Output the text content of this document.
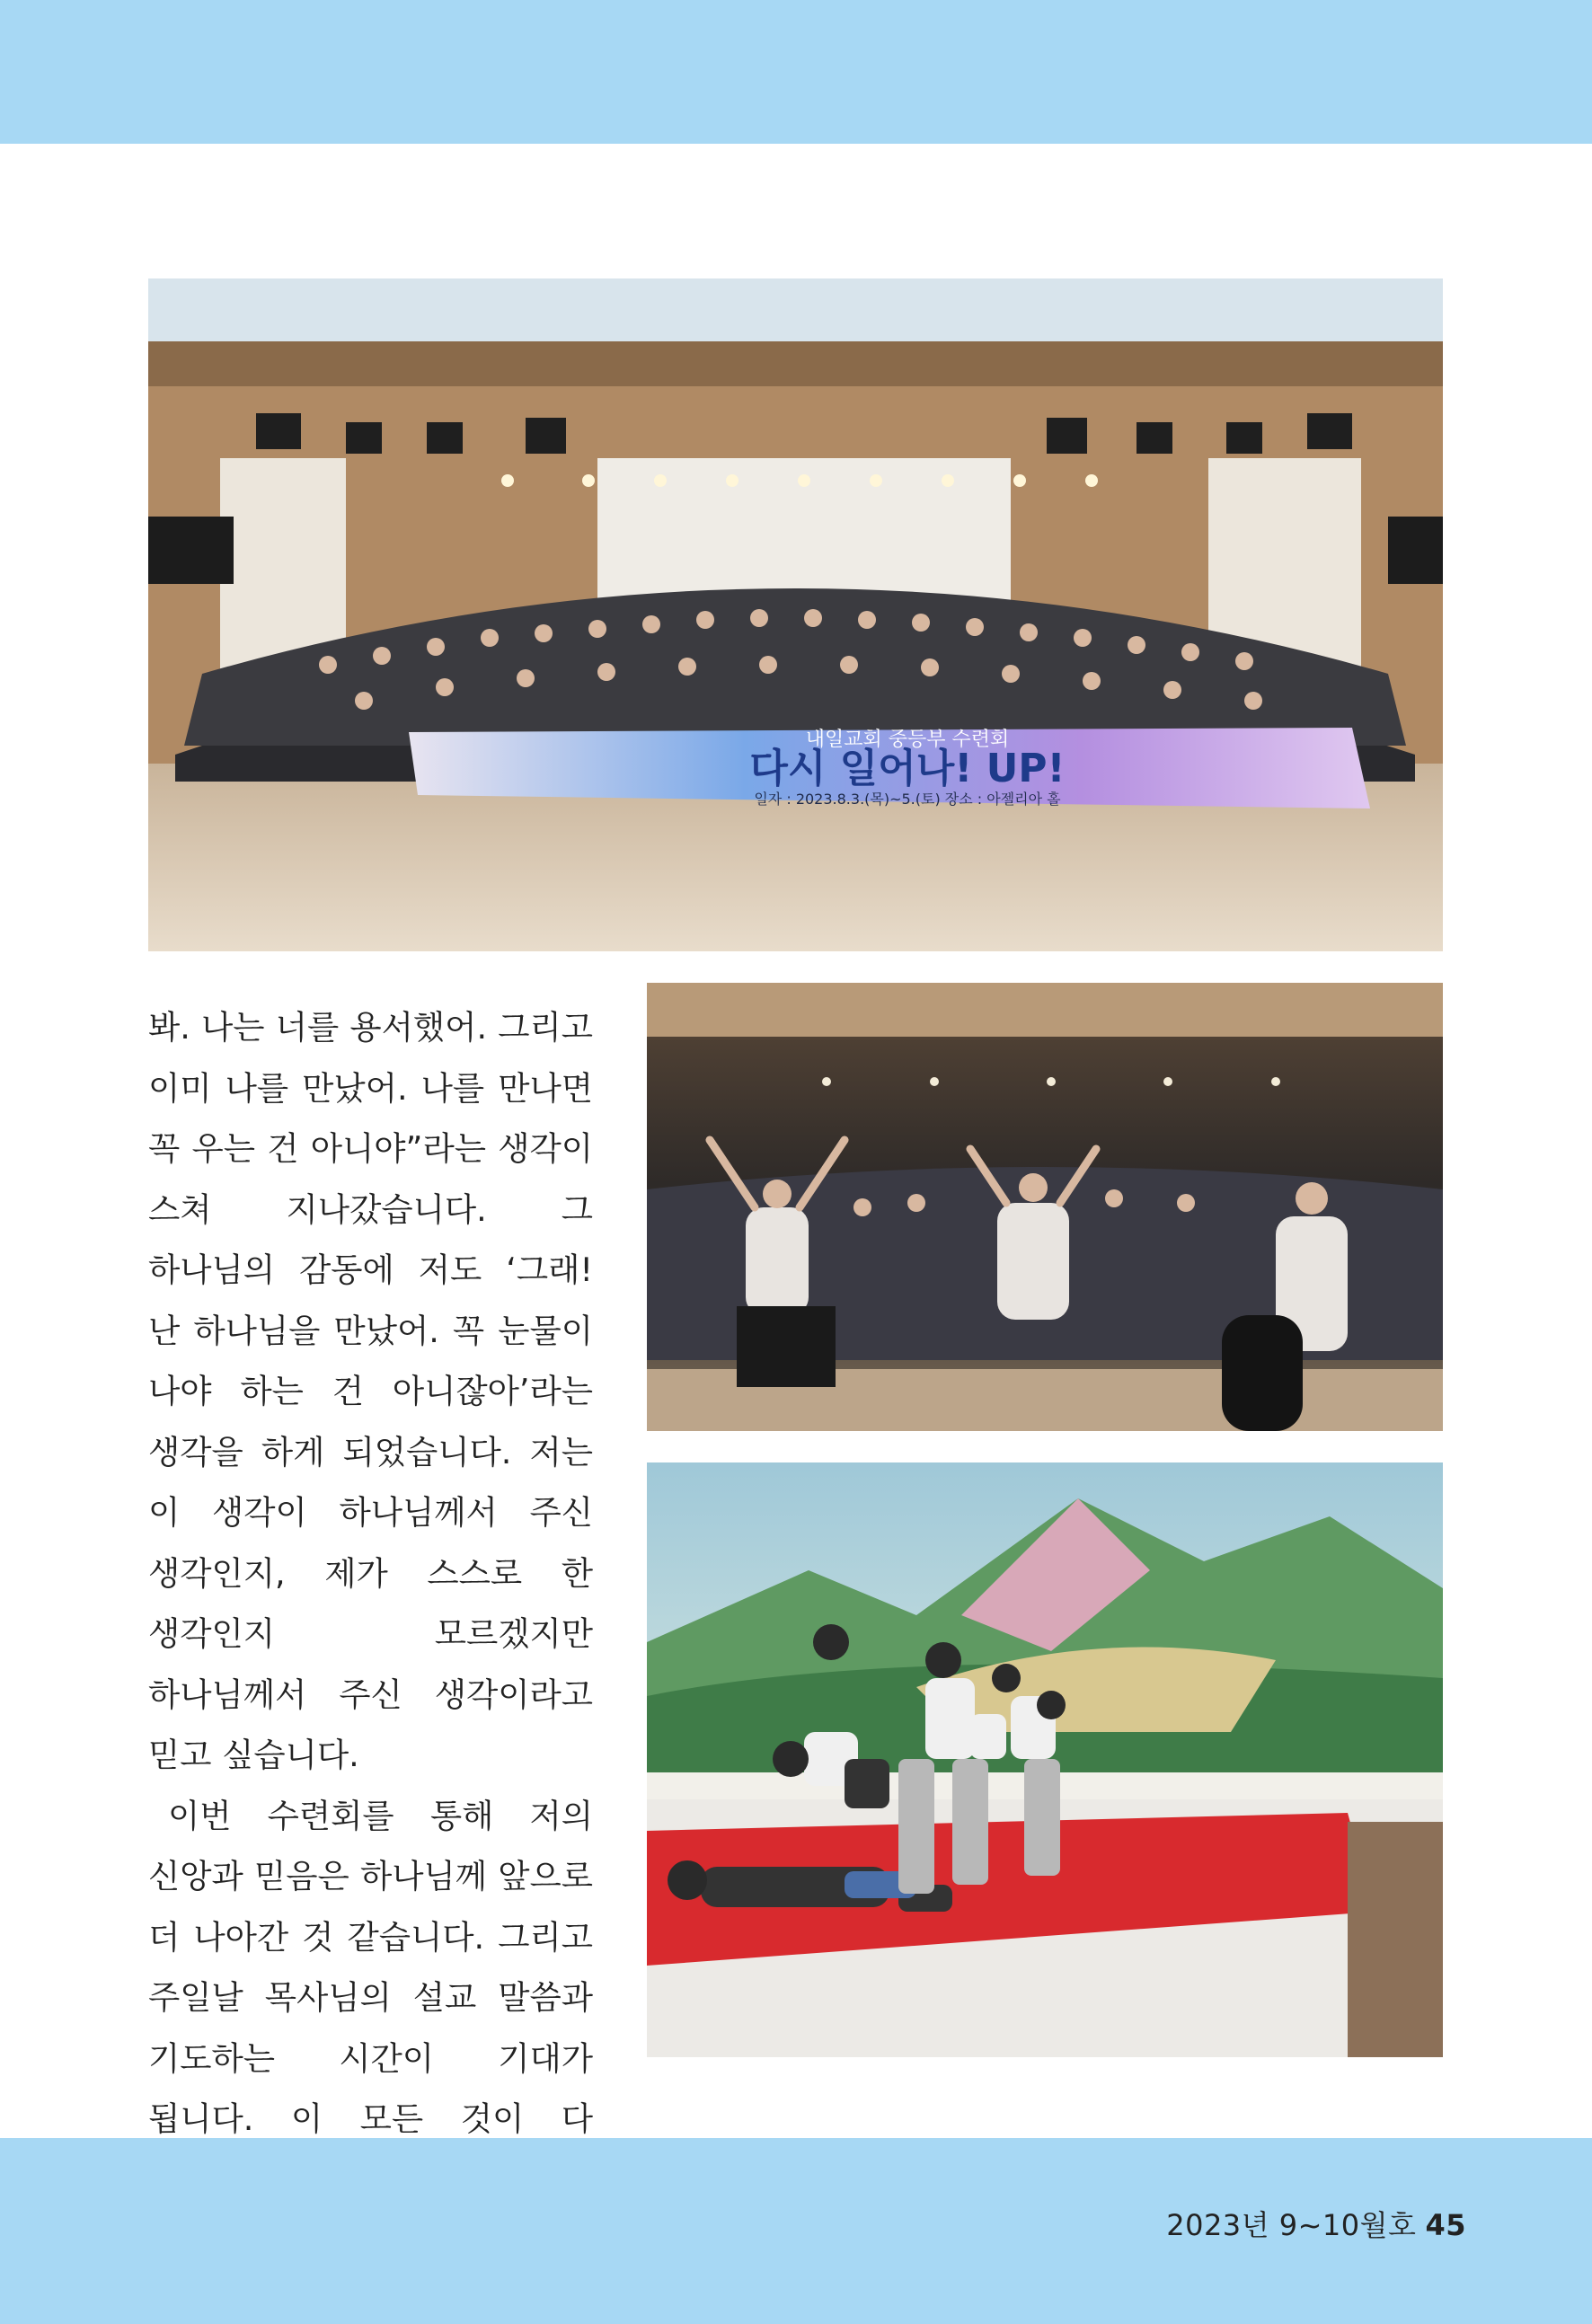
내일교회 중등부 수련회
다시 일어나! UP!
일자 : 2023.8.3.(목)~5.(토) 장소 : 아젤리아 홀

봐. 나는 너를 용서했어. 그리고 이미 나를 만났어. 나를 만나면 꼭 우는 건 아니야”라는 생각이 스쳐 지나갔습니다. 그 하나님의 감동에 저도 ‘그래! 난 하나님을 만났어. 꼭 눈물이 나야 하는 건 아니잖아’라는 생각을 하게 되었습니다. 저는 이 생각이 하나님께서 주신 생각인지, 제가 스스로 한 생각인지 모르겠지만 하나님께서 주신 생각이라고 믿고 싶습니다.

이번 수련회를 통해 저의 신앙과 믿음은 하나님께 앞으로 더 나아간 것 같습니다. 그리고 주일날 목사님의 설교 말씀과 기도하는 시간이 기대가 됩니다. 이 모든 것이 다

2023년 9~10월호 45
